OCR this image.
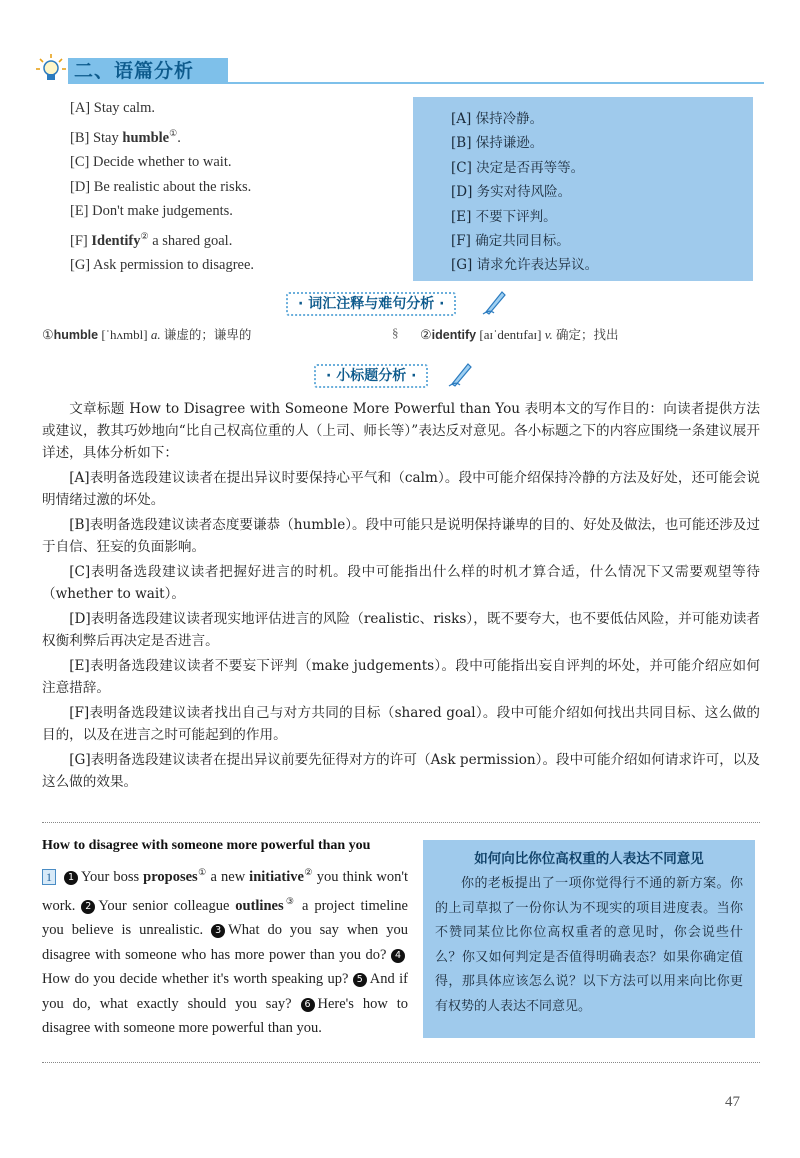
二、语篇分析
[A] Stay calm.
[B] Stay humble①.
[C] Decide whether to wait.
[D] Be realistic about the risks.
[E] Don't make judgements.
[F] Identify② a shared goal.
[G] Ask permission to disagree.
[A] 保持冷静。
[B] 保持谦逊。
[C] 决定是否再等等。
[D] 务实对待风险。
[E] 不要下评判。
[F] 确定共同目标。
[G] 请求允许表达异议。
· 词汇注释与难句分析 ·
①humble [ˈhʌmbl] a. 谦虚的；谦卑的	§ ②identify [aɪˈdentɪfaɪ] v. 确定；找出
· 小标题分析 ·

文章标题 How to Disagree with Someone More Powerful than You 表明本文的写作目的：向读者提供方法或建议，教其巧妙地向“比自己权高位重的人（上司、师长等）”表达反对意见。各小标题之下的内容应围绕一条建议展开详述，具体分析如下：

[A]表明备选段建议读者在提出异议时要保持心平气和（calm）。段中可能介绍保持冷静的方法及好处，还可能会说明情绪过激的坏处。

[B]表明备选段建议读者态度要谦恭（humble）。段中可能只是说明保持谦卑的目的、好处及做法，也可能还涉及过于自信、狂妄的负面影响。

[C]表明备选段建议读者把握好进言的时机。段中可能指出什么样的时机才算合适，什么情况下又需要观望等待（whether to wait）。

[D]表明备选段建议读者现实地评估进言的风险（realistic、risks），既不要夸大，也不要低估风险，并可能劝读者权衡利弊后再决定是否进言。

[E]表明备选段建议读者不要妄下评判（make judgements）。段中可能指出妄自评判的坏处，并可能介绍应如何注意措辞。

[F]表明备选段建议读者找出自己与对方共同的目标（shared goal）。段中可能介绍如何找出共同目标、这么做的目的，以及在进言之时可能起到的作用。

[G]表明备选段建议读者在提出异议前要先征得对方的许可（Ask permission）。段中可能介绍如何请求许可，以及这么做的效果。

How to disagree with someone more powerful than you
1 1 Your boss proposes① a new initiative② you think won't work. 2 Your senior colleague outlines③ a project timeline you believe is unrealistic. 3 What do you say when you disagree with someone who has more power than you do? 4How do you decide whether it's worth speaking up? 5 And if you do, what exactly should you say? 6 Here's how to disagree with someone more powerful than you.
如何向比你位高权重的人表达不同意见
你的老板提出了一项你觉得行不通的新方案。你的上司草拟了一份你认为不现实的项目进度表。当你不赞同某位比你位高权重者的意见时，你会说些什么？你又如何判定是否值得明确表态？如果你确定值得，那具体应该怎么说？以下方法可以用来向比你更有权势的人表达不同意见。
47
